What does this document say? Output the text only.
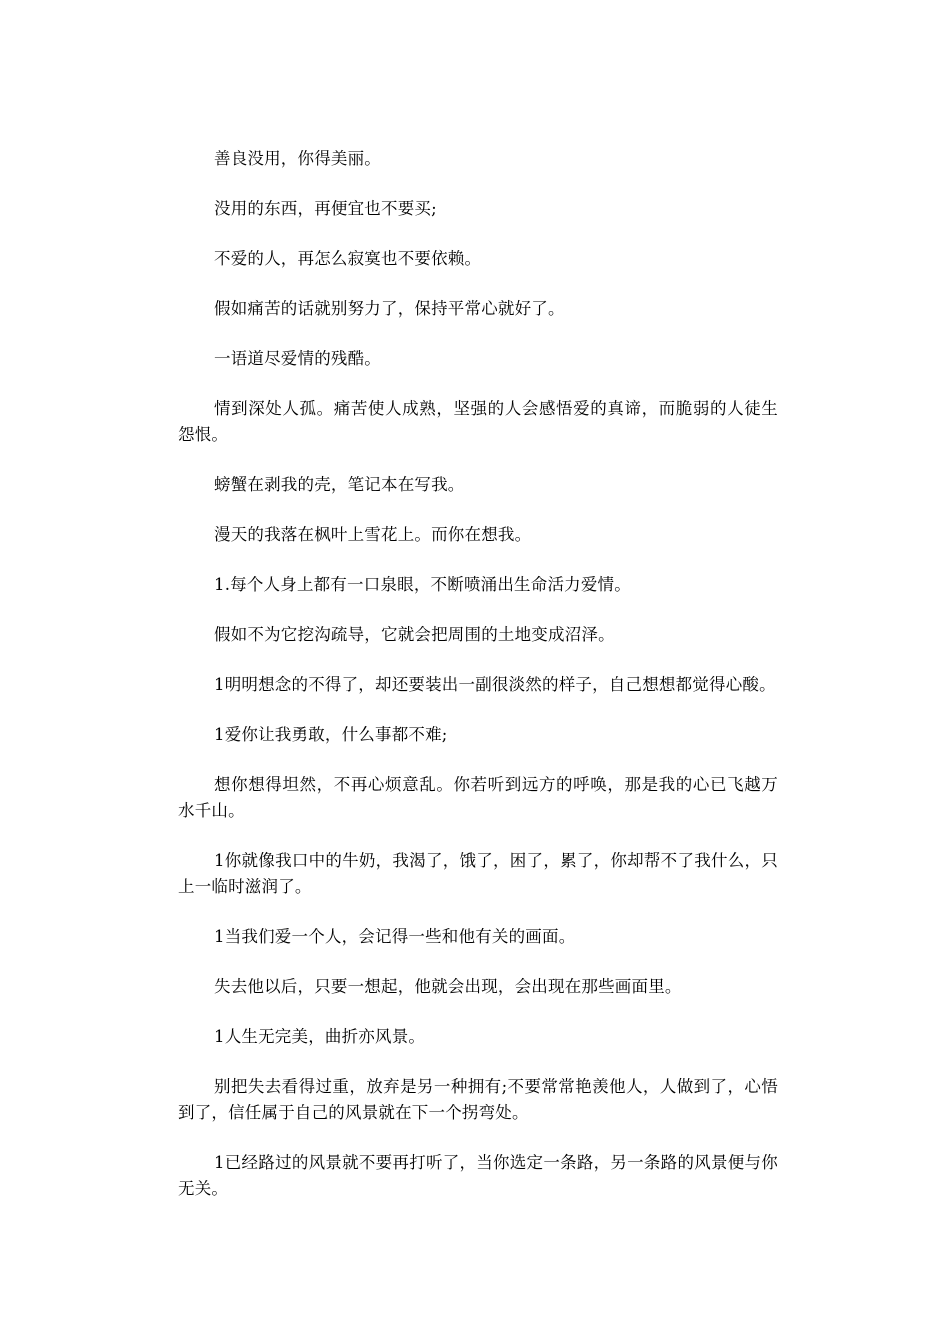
善良没用，你得美丽。

没用的东西，再便宜也不要买;

不爱的人，再怎么寂寞也不要依赖。

假如痛苦的话就别努力了，保持平常心就好了。

一语道尽爱情的残酷。

情到深处人孤。痛苦使人成熟，坚强的人会感悟爱的真谛，而脆弱的人徒生怨恨。

螃蟹在剥我的壳，笔记本在写我。

漫天的我落在枫叶上雪花上。而你在想我。

1.每个人身上都有一口泉眼，不断喷涌出生命活力爱情。

假如不为它挖沟疏导，它就会把周围的土地变成沼泽。

1明明想念的不得了，却还要装出一副很淡然的样子，自己想想都觉得心酸。

1爱你让我勇敢，什么事都不难;

想你想得坦然，不再心烦意乱。你若听到远方的呼唤，那是我的心已飞越万水千山。

1你就像我口中的牛奶，我渴了，饿了，困了，累了，你却帮不了我什么，只上一临时滋润了。

1当我们爱一个人，会记得一些和他有关的画面。

失去他以后，只要一想起，他就会出现，会出现在那些画面里。

1人生无完美，曲折亦风景。

别把失去看得过重，放弃是另一种拥有;不要常常艳羡他人，人做到了，心悟到了，信任属于自己的风景就在下一个拐弯处。

1已经路过的风景就不要再打听了，当你选定一条路，另一条路的风景便与你无关。
